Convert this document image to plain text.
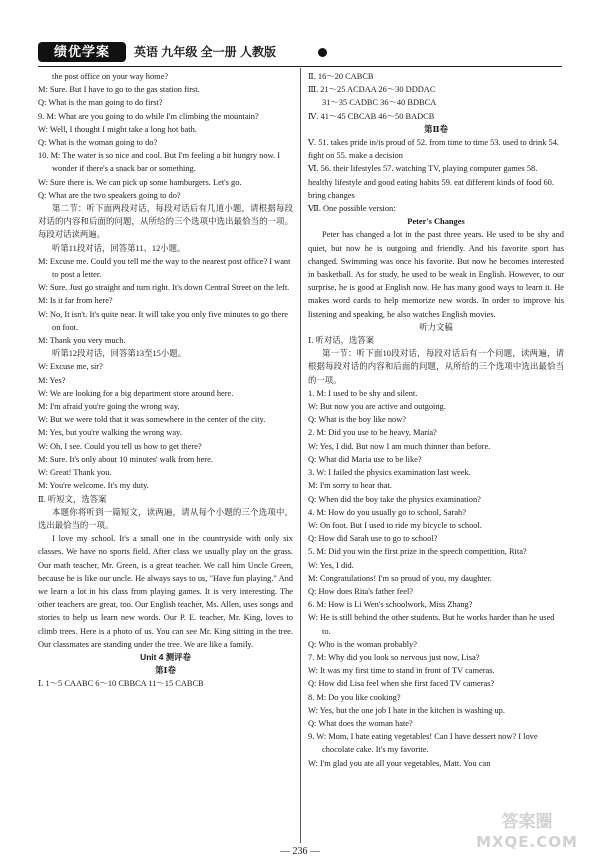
绩优学案	英语 九年级 全一册 人教版

the post office on your way home?

M: Sure. But I have to go to the gas station first.

Q: What is the man going to do first?

9. M: What are you going to do while I'm climbing the mountain?

W: Well, I thought I might take a long hot bath.

Q: What is the woman going to do?

10. M: The water is so nice and cool. But I'm feeling a bit hungry now. I wonder if there's a snack bar or something.

W: Sure there is. We can pick up some hamburgers. Let's go.

Q: What are the two speakers going to do?

第二节：听下面两段对话，每段对话后有几道小题，请根据每段对话的内容和后面的问题，从所给的三个选项中选出最恰当的一项。每段对话读两遍。

听第11段对话，回答第11、12小题。

M: Excuse me. Could you tell me the way to the nearest post office? I want to post a letter.

W: Sure. Just go straight and turn right. It's down Central Street on the left.

M: Is it far from here?

W: No, It isn't. It's quite near. It will take you only five minutes to go there on foot.

M: Thank you very much.

听第12段对话，回答第13至15小题。

W: Excuse me, sir?

M: Yes?

W: We are looking for a big department store around here.

M: I'm afraid you're going the wrong way.

W: But we were told that it was somewhere in the center of the city.

M: Yes, but you're walking the wrong way.

W: Oh, I see. Could you tell us how to get there?

M: Sure. It's only about 10 minutes' walk from here.

W: Great! Thank you.

M: You're welcome. It's my duty.

Ⅱ. 听短文，选答案

本题你将听到一篇短文，读两遍，请从每个小题的三个选项中，选出最恰当的一项。

I love my school. It's a small one in the countryside with only six classes. We have no sports field. After class we usually play on the grass. Our math teacher, Mr. Green, is a great teacher. We call him Uncle Green, because he is like our uncle. He always says to us, "Have fun playing." And we learn a lot in his class from playing games. It is very interesting. The other teachers are great, too. Our English teacher, Ms. Allen, uses songs and stories to help us learn new words. Our P. E. teacher, Mr. King, loves to climb trees. Here is a photo of us. You can see Mr. King sitting in the tree. Our classmates are standing under the tree. We are like a family.

Unit 4 测评卷

第Ⅰ卷

Ⅰ. 1～5 CAABC 6～10 CBBCA 11～15 CABCB

Ⅱ. 16～20 CABCB

Ⅲ. 21～25 ACDAA 26～30 DDDAC

31～35 CADBC 36～40 BDBCA

Ⅳ. 41～45 CBCAB 46～50 BADCB

第Ⅱ卷

Ⅴ. 51. takes pride in/is proud of 52. from time to time 53. used to drink 54. fight on 55. make a decision

Ⅵ. 56. their lifestyles 57. watching TV, playing computer games 58. healthy lifestyle and good eating habits 59. eat different kinds of food 60. bring changes

Ⅶ. One possible version:

Peter's Changes

Peter has changed a lot in the past three years. He used to be shy and quiet, but now he is outgoing and friendly. And his favorite sport has changed. Swimming was once his favorite. But now he becomes interested in basketball. As for study, he used to be weak in English. However, to our surprise, he is good at English now. He has many good ways to learn it. He makes word cards to help memorize new words. In order to improve his listening and speaking, he also watches English movies.

听力文稿

Ⅰ. 听对话，选答案

第一节：听下面10段对话，每段对话后有一个问题，读两遍，请根据每段对话的内容和后面的问题，从所给的三个选项中选出最恰当的一项。

1. M: I used to be shy and silent.

W: But now you are active and outgoing.

Q: What is the boy like now?

2. M: Did you use to be heavy, Maria?

W: Yes, I did. But now I am much thinner than before.

Q: What did Maria use to be like?

3. W: I failed the physics examination last week.

M: I'm sorry to hear that.

Q: When did the boy take the physics examination?

4. M: How do you usually go to school, Sarah?

W: On foot. But I used to ride my bicycle to school.

Q: How did Sarah use to go to school?

5. M: Did you win the first prize in the speech competition, Rita?

W: Yes, I did.

M: Congratulations! I'm so proud of you, my daughter.

Q: How does Rita's father feel?

6. M: How is Li Wen's schoolwork, Miss Zhang?

W: He is still behind the other students. But he works harder than he used to.

Q: Who is the woman probably?

7. M: Why did you look so nervous just now, Lisa?

W: It was my first time to stand in front of TV cameras.

Q: How did Lisa feel when she first faced TV cameras?

8. M: Do you like cooking?

W: Yes, but the one job I hate in the kitchen is washing up.

Q: What does the woman hate?

9. W: Mom, I hate eating vegetables! Can I have dessert now? I love chocolate cake. It's my favorite.

W: I'm glad you ate all your vegetables, Matt. You can

— 236 —
答案圈
MXQE.COM
